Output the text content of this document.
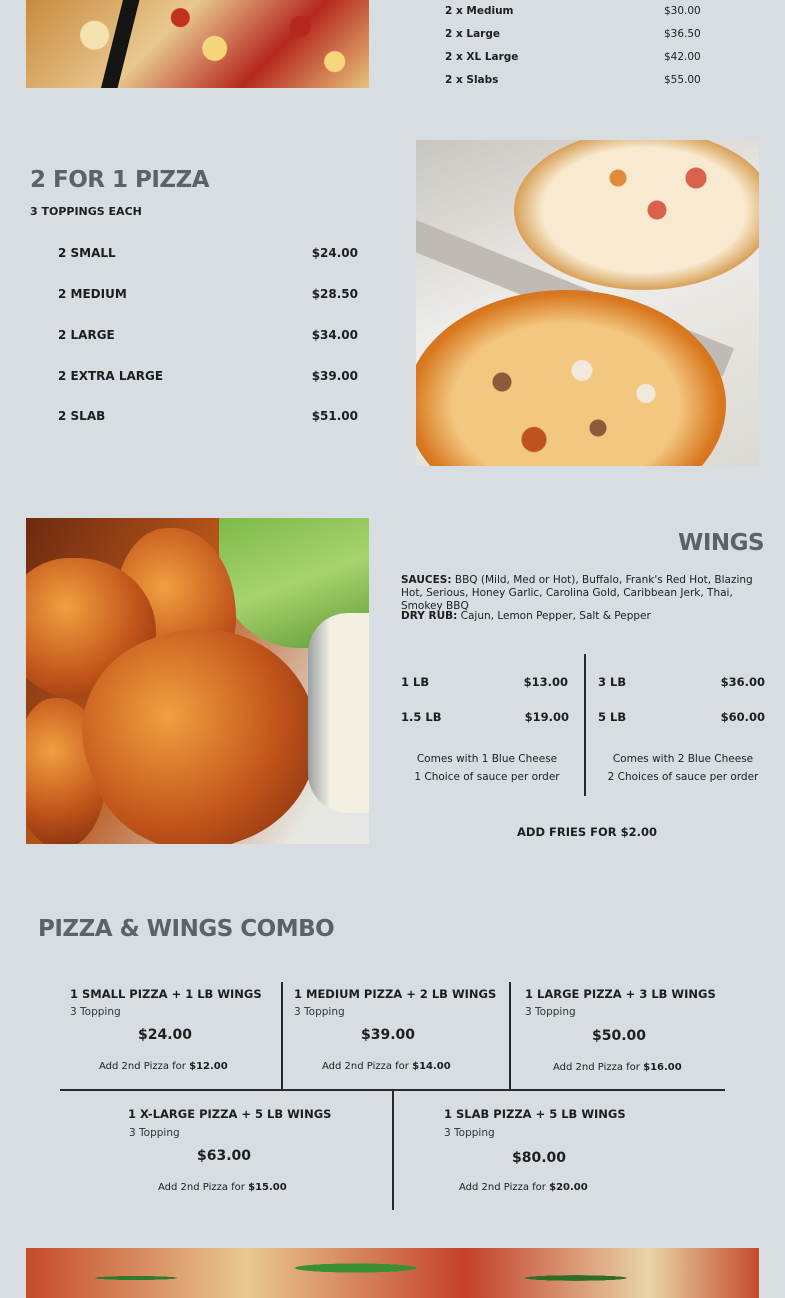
2 x Medium	$30.00
2 x Large	$36.50
2 x XL Large	$42.00
2 x Slabs	$55.00
2 FOR 1 PIZZA
3 TOPPINGS EACH
2 SMALL	$24.00
2 MEDIUM	$28.50
2 LARGE	$34.00
2 EXTRA LARGE	$39.00
2 SLAB	$51.00
WINGS
SAUCES: BBQ (Mild, Med or Hot), Buffalo, Frank's Red Hot, Blazing Hot, Serious, Honey Garlic, Carolina Gold, Caribbean Jerk, Thai, Smokey BBQ
DRY RUB: Cajun, Lemon Pepper, Salt & Pepper
1 LB	$13.00
1.5 LB	$19.00
3 LB	$36.00
5 LB	$60.00
Comes with 1 Blue Cheese
1 Choice of sauce per order
Comes with 2 Blue Cheese
2 Choices of sauce per order
ADD FRIES FOR $2.00
PIZZA & WINGS COMBO
1 SMALL PIZZA + 1 LB WINGS
3 Topping
$24.00
Add 2nd Pizza for $12.00
1 MEDIUM PIZZA + 2 LB WINGS
3 Topping
$39.00
Add 2nd Pizza for $14.00
1 LARGE PIZZA + 3 LB WINGS
3 Topping
$50.00
Add 2nd Pizza for $16.00
1 X-LARGE PIZZA + 5 LB WINGS
3 Topping
$63.00
Add 2nd Pizza for $15.00
1 SLAB PIZZA + 5 LB WINGS
3 Topping
$80.00
Add 2nd Pizza for $20.00
